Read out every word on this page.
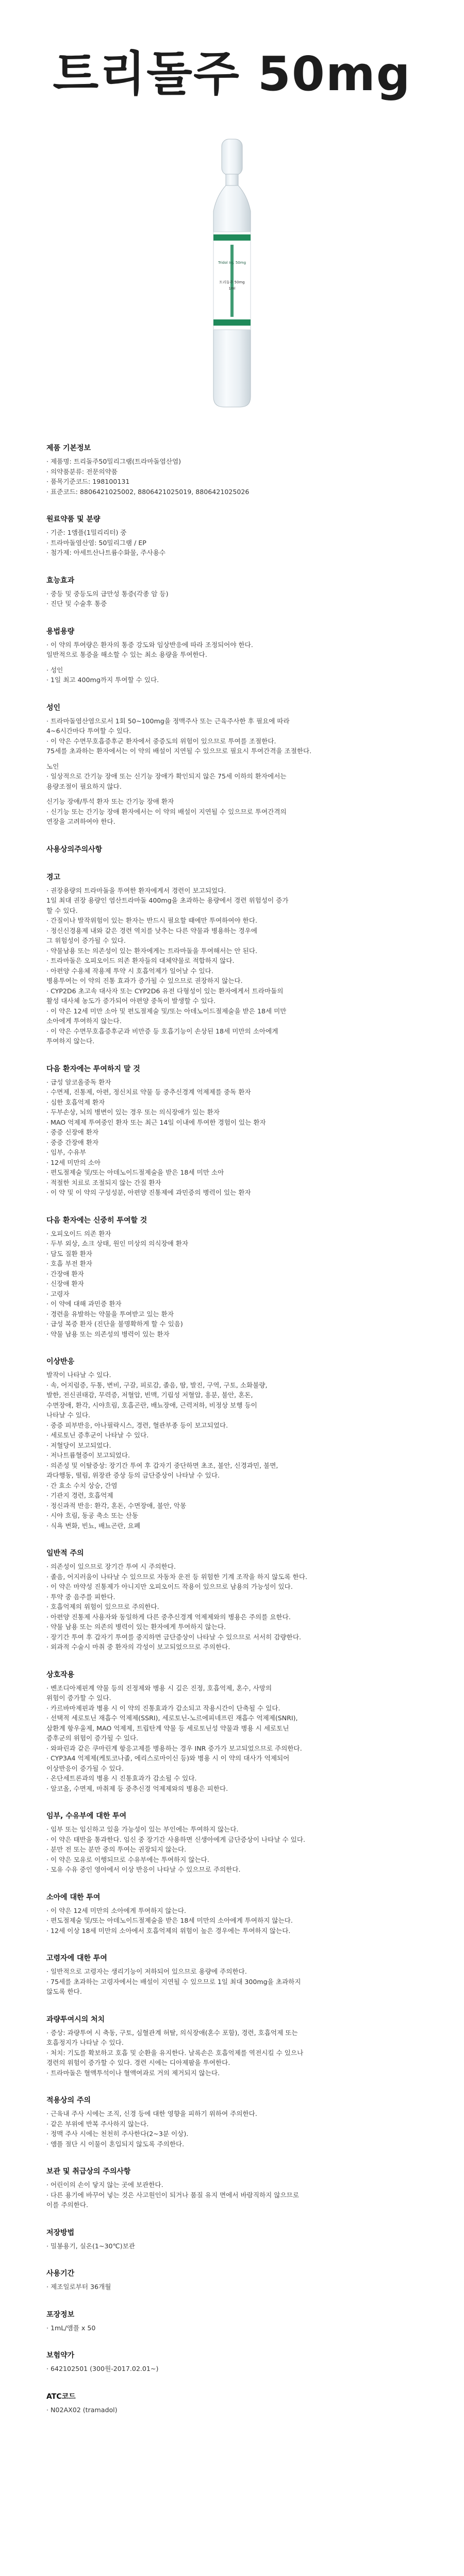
트리돌주 50mg
Tridol Inj. 50mg
트리돌주 50mg
1ml
제품 기본정보
· 제품명: 트리돌주50밀리그램(트라마돌염산염)
· 의약품분류: 전문의약품
· 품목기준코드: 198100131
· 표준코드: 8806421025002, 8806421025019, 8806421025026
원료약품 및 분량
· 기준: 1앰플(1밀리리터) 중
· 트라마돌염산염: 50밀리그램 / EP
· 첨가제: 아세트산나트륨수화물, 주사용수
효능효과
· 중등 및 중등도의 급만성 통증(각종 암 등)
· 진단 및 수술후 통증
용법용량
· 이 약의 투여량은 환자의 통증 강도와 임상반응에 따라 조정되어야 한다.
일반적으로 통증을 해소할 수 있는 최소 용량을 투여한다.
· 성인
· 1일 최고 400mg까지 투여할 수 있다.
성인
· 트라마돌염산염으로서 1회 50~100mg을 정맥주사 또는 근육주사한 후 필요에 따라
4~6시간마다 투여할 수 있다.
· 이 약은 수면무호흡증후군 환자에서 중증도의 위험이 있으므로 투여를 조절한다.
75세를 초과하는 환자에서는 이 약의 배설이 지연될 수 있으므로 필요시 투여간격을 조절한다.
노인
· 일상적으로 간기능 장애 또는 신기능 장애가 확인되지 않은 75세 이하의 환자에서는
용량조절이 필요하지 않다.
신기능 장애/투석 환자 또는 간기능 장애 환자
· 신기능 또는 간기능 장애 환자에서는 이 약의 배설이 지연될 수 있으므로 투여간격의
연장을 고려하여야 한다.
사용상의주의사항
경고
· 권장용량의 트라마돌을 투여한 환자에게서 경련이 보고되었다.
1일 최대 권장 용량인 염산트라마돌 400mg을 초과하는 용량에서 경련 위험성이 증가
할 수 있다.
· 간질이나 발작위험이 있는 환자는 반드시 필요할 때에만 투여하여야 한다.
· 정신신경용제 내와 같은 경련 역치를 낮추는 다른 약물과 병용하는 경우에
그 위험성이 증가될 수 있다.
· 약물남용 또는 의존성이 있는 환자에게는 트라마돌을 투여해서는 안 된다.
· 트라마돌은 오피오이드 의존 환자들의 대체약물로 적합하지 않다.
· 아편양 수용체 작용제 투약 시 호흡억제가 일어날 수 있다.
병용투여는 이 약의 진통 효과가 증가될 수 있으므로 권장하지 않는다.
· CYP2D6 초고속 대사자 또는 CYP2D6 유전 다형성이 있는 환자에게서 트라마돌의
활성 대사체 농도가 증가되어 아편양 중독이 발생할 수 있다.
· 이 약은 12세 미만 소아 및 편도절제술 및/또는 아데노이드절제술을 받은 18세 미만
소아에게 투여하지 않는다.
· 이 약은 수면무호흡증후군과 비만증 등 호흡기능이 손상된 18세 미만의 소아에게
투여하지 않는다.
다음 환자에는 투여하지 말 것
· 급성 알코올중독 환자
· 수면제, 진통제, 아편, 정신치료 약물 등 중추신경계 억제제를 중독 환자
· 심한 호흡억제 환자
· 두부손상, 뇌의 병변이 있는 경우 또는 의식장애가 있는 환자
· MAO 억제제 투여중인 환자 또는 최근 14일 이내에 투여한 경험이 있는 환자
· 중증 신장애 환자
· 중증 간장애 환자
· 임부, 수유부
· 12세 미만의 소아
· 편도절제술 및/또는 아데노이드절제술을 받은 18세 미만 소아
· 적절한 치료로 조절되지 않는 간질 환자
· 이 약 및 이 약의 구성성분, 아편양 진통제에 과민증의 병력이 있는 환자
다음 환자에는 신중히 투여할 것
· 오피오이드 의존 환자
· 두부 외상, 쇼크 상태, 원인 미상의 의식장애 환자
· 담도 질환 환자
· 호흡 부전 환자
· 간장애 환자
· 신장애 환자
· 고령자
· 이 약에 대해 과민증 환자
· 경련을 유발하는 약물을 투여받고 있는 환자
· 급성 복증 환자 (진단을 불명확하게 할 수 있음)
· 약물 남용 또는 의존성의 병력이 있는 환자
이상반응
발작이 나타날 수 있다.
· 속, 어지럼증, 두통, 변비, 구갈, 피로감, 졸음, 땀, 발진, 구역, 구토, 소화불량,
발한, 전신권태감, 무력증, 저혈압, 빈맥, 기립성 저혈압, 흥분, 불안, 혼돈,
수면장애, 환각, 시야흐림, 호흡곤란, 배뇨장애, 근력저하, 비정상 보행 등이
나타날 수 있다.
· 중증 피부반응, 아나필락시스, 경련, 혈관부종 등이 보고되었다.
· 세로토닌 증후군이 나타날 수 있다.
· 저혈당이 보고되었다.
· 저나트륨혈증이 보고되었다.
· 의존성 및 이탈증상: 장기간 투여 후 갑자기 중단하면 초조, 불안, 신경과민, 불면,
과다행동, 떨림, 위장관 증상 등의 금단증상이 나타날 수 있다.
· 간 효소 수치 상승, 간염
· 기관지 경련, 호흡억제
· 정신과적 반응: 환각, 혼돈, 수면장애, 불안, 악몽
· 시야 흐림, 동공 축소 또는 산동
· 식욕 변화, 빈뇨, 배뇨곤란, 요폐
일반적 주의
· 의존성이 있으므로 장기간 투여 시 주의한다.
· 졸음, 어지러움이 나타날 수 있으므로 자동차 운전 등 위험한 기계 조작을 하지 않도록 한다.
· 이 약은 마약성 진통제가 아니지만 오피오이드 작용이 있으므로 남용의 가능성이 있다.
· 투약 중 음주를 피한다.
· 호흡억제의 위험이 있으므로 주의한다.
· 아편양 진통제 사용자와 동일하게 다른 중추신경계 억제제와의 병용은 주의를 요한다.
· 약물 남용 또는 의존의 병력이 있는 환자에게 투여하지 않는다.
· 장기간 투여 후 갑자기 투여를 중지하면 금단증상이 나타날 수 있으므로 서서히 감량한다.
· 외과적 수술시 마취 중 환자의 각성이 보고되었으므로 주의한다.
상호작용
· 벤조디아제핀계 약물 등의 진정제와 병용 시 깊은 진정, 호흡억제, 혼수, 사망의
위험이 증가할 수 있다.
· 카르바마제핀과 병용 시 이 약의 진통효과가 감소되고 작용시간이 단축될 수 있다.
· 선택적 세로토닌 재흡수 억제제(SSRI), 세로토닌-노르에피네프린 재흡수 억제제(SNRI),
삼환계 항우울제, MAO 억제제, 트립탄계 약물 등 세로토닌성 약물과 병용 시 세로토닌
증후군의 위험이 증가될 수 있다.
· 와파린과 같은 쿠마린계 항응고제를 병용하는 경우 INR 증가가 보고되었으므로 주의한다.
· CYP3A4 억제제(케토코나졸, 에리스로마이신 등)와 병용 시 이 약의 대사가 억제되어
이상반응이 증가될 수 있다.
· 온단세트론과의 병용 시 진통효과가 감소될 수 있다.
· 알코올, 수면제, 마취제 등 중추신경 억제제와의 병용은 피한다.
임부, 수유부에 대한 투여
· 임부 또는 임신하고 있을 가능성이 있는 부인에는 투여하지 않는다.
· 이 약은 태반을 통과한다. 임신 중 장기간 사용하면 신생아에게 금단증상이 나타날 수 있다.
· 분만 전 또는 분만 중의 투여는 권장되지 않는다.
· 이 약은 모유로 이행되므로 수유부에는 투여하지 않는다.
· 모유 수유 중인 영아에서 이상 반응이 나타날 수 있으므로 주의한다.
소아에 대한 투여
· 이 약은 12세 미만의 소아에게 투여하지 않는다.
· 편도절제술 및/또는 아데노이드절제술을 받은 18세 미만의 소아에게 투여하지 않는다.
· 12세 이상 18세 미만의 소아에서 호흡억제의 위험이 높은 경우에는 투여하지 않는다.
고령자에 대한 투여
· 일반적으로 고령자는 생리기능이 저하되어 있으므로 용량에 주의한다.
· 75세를 초과하는 고령자에서는 배설이 지연될 수 있으므로 1일 최대 300mg을 초과하지
않도록 한다.
과량투여시의 처치
· 증상: 과량투여 시 축동, 구토, 심혈관계 허탈, 의식장애(혼수 포함), 경련, 호흡억제 또는
호흡정지가 나타날 수 있다.
· 처치: 기도를 확보하고 호흡 및 순환을 유지한다. 날록손은 호흡억제를 역전시킬 수 있으나
경련의 위험이 증가할 수 있다. 경련 시에는 디아제팜을 투여한다.
· 트라마돌은 혈액투석이나 혈액여과로 거의 제거되지 않는다.
적용상의 주의
· 근육내 주사 시에는 조직, 신경 등에 대한 영향을 피하기 위하여 주의한다.
· 같은 부위에 반복 주사하지 않는다.
· 정맥 주사 시에는 천천히 주사한다(2~3분 이상).
· 앰플 절단 시 이물이 혼입되지 않도록 주의한다.
보관 및 취급상의 주의사항
· 어린이의 손이 닿지 않는 곳에 보관한다.
· 다른 용기에 바꾸어 넣는 것은 사고원인이 되거나 품질 유지 면에서 바람직하지 않으므로
이를 주의한다.
저장방법
· 밀봉용기, 실온(1~30℃)보관
사용기간
· 제조일로부터 36개월
포장정보
· 1mL/앰플 x 50
보험약가
· 642102501 (300원-2017.02.01~)
ATC코드
· N02AX02 (tramadol)
